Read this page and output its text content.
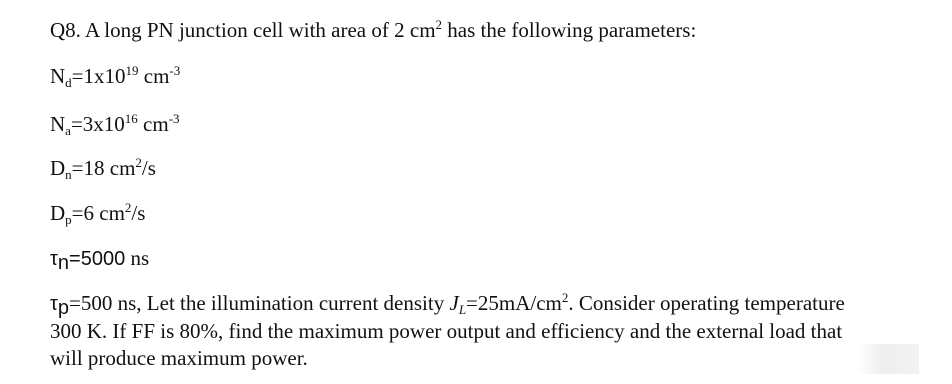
Q8. A long PN junction cell with area of 2 $cm^2$ has the following parameters:
$N_d=1x10^{19}$ $cm^{-3}$
$N_a=3x10^{16}$ $cm^{-3}$
$D_n=18$ $cm^2/s$
$D_p=6$ $cm^2/s$
$\tau_n=5000$ ns
$\tau_p=500$ ns, Let the illumination current density $J_L=25mA/cm^2$. Consider operating temperature
300 K. If FF is 80%, find the maximum power output and efficiency and the external load that
will produce maximum power.
